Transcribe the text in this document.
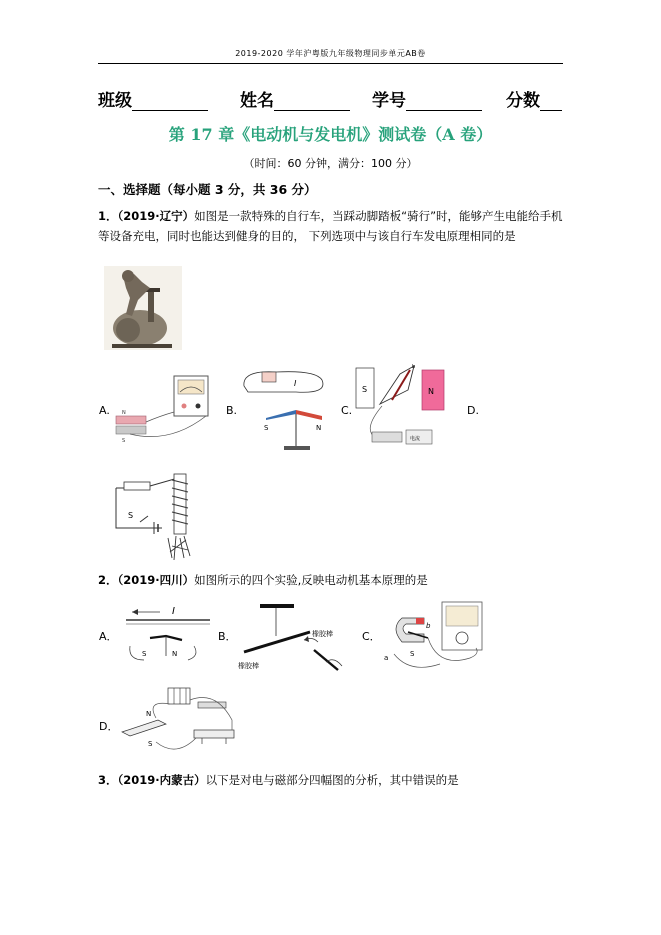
2019-2020 学年沪粤版九年级物理同步单元AB卷
班级	姓名	学号	分数
第 17 章《电动机与发电机》测试卷（A 卷）
（时间：60 分钟，满分：100 分）
一、选择题（每小题 3 分，共 36 分）
1．（2019·辽宁）如图是一款特殊的自行车，当踩动脚踏板“骑行”时，能够产生电能给手机
等设备充电，同时也能达到健身的目的， 下列选项中与该自行车发电原理相同的是
A. N
S
B.
I
S	N
C.
S	N
b
电流
D.
S
2．（2019·四川）如图所示的四个实验,反映电动机基本原理的是
A．
I
S	N
B．	橡胶棒
橡胶棒
C．
S
a
b
D．
N
S
3．（2019·内蒙古）以下是对电与磁部分四幅图的分析，其中错误的是
